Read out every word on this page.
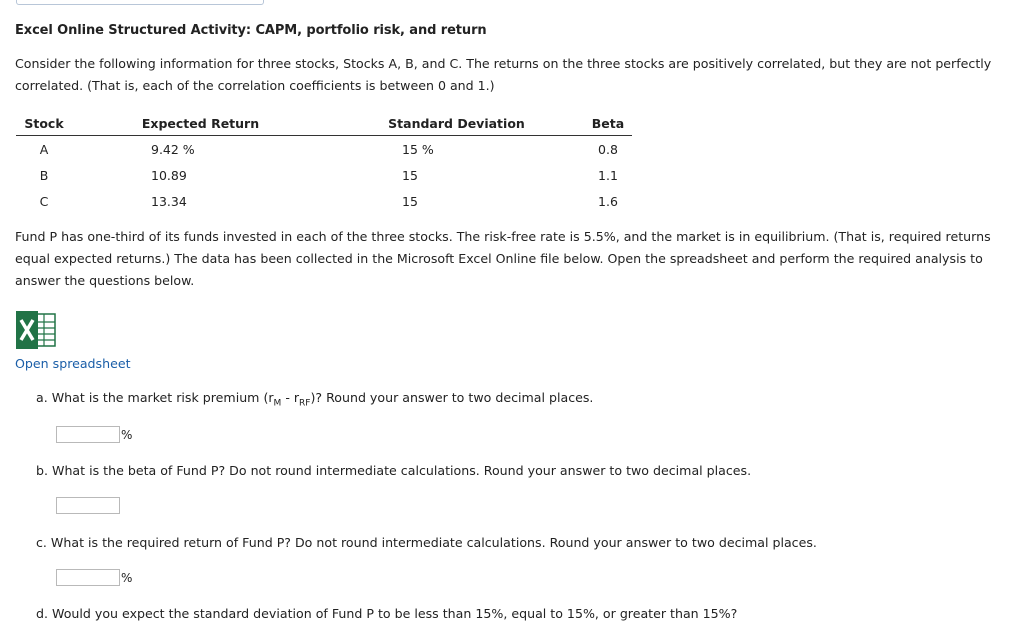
Excel Online Structured Activity: CAPM, portfolio risk, and return
Consider the following information for three stocks, Stocks A, B, and C. The returns on the three stocks are positively correlated, but they are not perfectly correlated. (That is, each of the correlation coefficients is between 0 and 1.)
Stock	Expected Return	Standard Deviation	Beta
A	9.42 %	15 %	0.8
B	10.89	15	1.1
C	13.34	15	1.6
Fund P has one-third of its funds invested in each of the three stocks. The risk-free rate is 5.5%, and the market is in equilibrium. (That is, required returns equal expected returns.) The data has been collected in the Microsoft Excel Online file below. Open the spreadsheet and perform the required analysis to answer the questions below.
Open spreadsheet
a. What is the market risk premium $(r_M - r_{RF})$? Round your answer to two decimal places.
%
b. What is the beta of Fund P? Do not round intermediate calculations. Round your answer to two decimal places.
c. What is the required return of Fund P? Do not round intermediate calculations. Round your answer to two decimal places.
%
d. Would you expect the standard deviation of Fund P to be less than 15%, equal to 15%, or greater than 15%?
